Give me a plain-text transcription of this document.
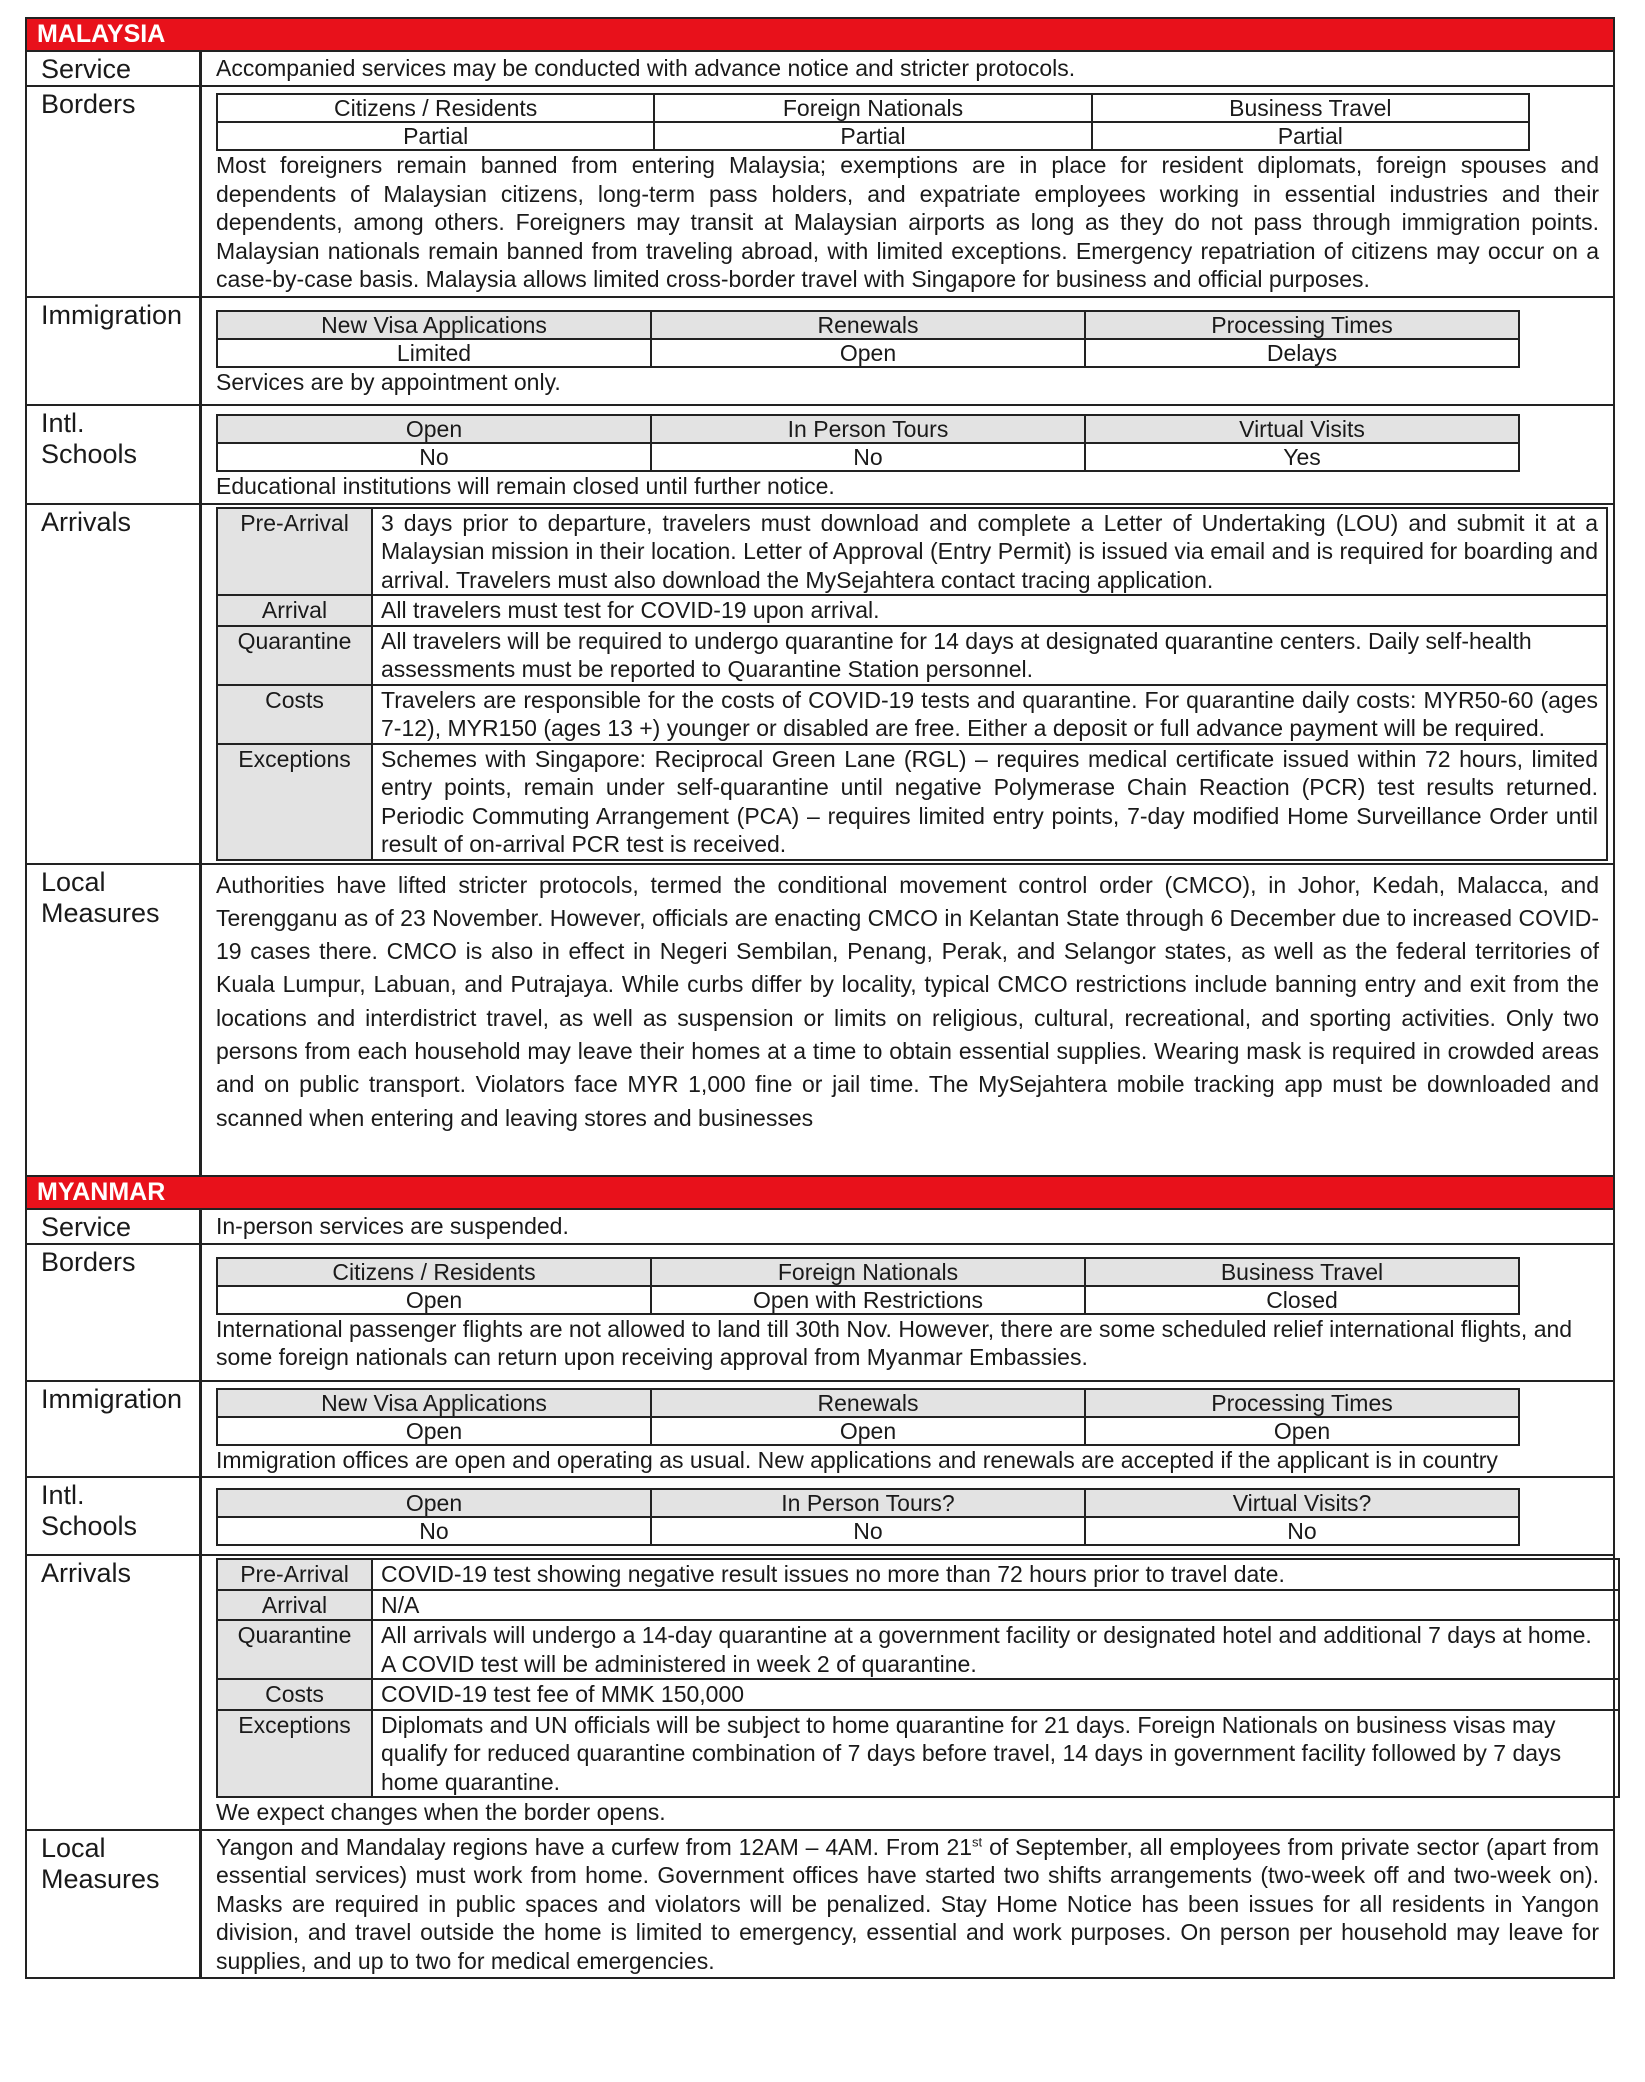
MALAYSIA
Service	Accompanied services may be conducted with advance notice and stricter protocols.
Borders	Citizens / Residents	Foreign Nationals	Business Travel
Partial	Partial	Partial
Most foreigners remain banned from entering Malaysia; exemptions are in place for resident diplomats, foreign spouses and dependents of Malaysian citizens, long-term pass holders, and expatriate employees working in essential industries and their dependents, among others. Foreigners may transit at Malaysian airports as long as they do not pass through immigration points. Malaysian nationals remain banned from traveling abroad, with limited exceptions. Emergency repatriation of citizens may occur on a case-by-case basis. Malaysia allows limited cross-border travel with Singapore for business and official purposes.
Immigration	New Visa Applications	Renewals	Processing Times
Limited	Open	Delays
Services are by appointment only.
Intl.
Schools
Open	In Person Tours	Virtual Visits
No	No	Yes
Educational institutions will remain closed until further notice.
Arrivals	Pre-Arrival	3 days prior to departure, travelers must download and complete a Letter of Undertaking (LOU) and submit it at a Malaysian mission in their location. Letter of Approval (Entry Permit) is issued via email and is required for boarding and arrival. Travelers must also download the MySejahtera contact tracing application.
Arrival	All travelers must test for COVID-19 upon arrival.
Quarantine	All travelers will be required to undergo quarantine for 14 days at designated quarantine centers. Daily self-health assessments must be reported to Quarantine Station personnel.
Costs	Travelers are responsible for the costs of COVID-19 tests and quarantine. For quarantine daily costs: MYR50-60 (ages 7-12), MYR150 (ages 13 +) younger or disabled are free. Either a deposit or full advance payment will be required.
Exceptions	Schemes with Singapore: Reciprocal Green Lane (RGL) – requires medical certificate issued within 72 hours, limited entry points, remain under self-quarantine until negative Polymerase Chain Reaction (PCR) test results returned. Periodic Commuting Arrangement (PCA) – requires limited entry points, 7-day modified Home Surveillance Order until result of on-arrival PCR test is received.
Local
Measures
Authorities have lifted stricter protocols, termed the conditional movement control order (CMCO), in Johor, Kedah, Malacca, and Terengganu as of 23 November. However, officials are enacting CMCO in Kelantan State through 6 December due to increased COVID-19 cases there. CMCO is also in effect in Negeri Sembilan, Penang, Perak, and Selangor states, as well as the federal territories of Kuala Lumpur, Labuan, and Putrajaya. While curbs differ by locality, typical CMCO restrictions include banning entry and exit from the locations and interdistrict travel, as well as suspension or limits on religious, cultural, recreational, and sporting activities. Only two persons from each household may leave their homes at a time to obtain essential supplies. Wearing mask is required in crowded areas and on public transport. Violators face MYR 1,000 fine or jail time. The MySejahtera mobile tracking app must be downloaded and scanned when entering and leaving stores and businesses
MYANMAR
Service	In-person services are suspended.
Borders	Citizens / Residents	Foreign Nationals	Business Travel
Open	Open with Restrictions	Closed
International passenger flights are not allowed to land till 30th Nov. However, there are some scheduled relief international flights, and some foreign nationals can return upon receiving approval from Myanmar Embassies.
Immigration	New Visa Applications	Renewals	Processing Times
Open	Open	Open
Immigration offices are open and operating as usual. New applications and renewals are accepted if the applicant is in country
Intl.
Schools
Open	In Person Tours?	Virtual Visits?
No	No	No
Arrivals	Pre-Arrival	COVID-19 test showing negative result issues no more than 72 hours prior to travel date.
Arrival	N/A
Quarantine	All arrivals will undergo a 14-day quarantine at a government facility or designated hotel and additional 7 days at home. A COVID test will be administered in week 2 of quarantine.
Costs	COVID-19 test fee of MMK 150,000
Exceptions	Diplomats and UN officials will be subject to home quarantine for 21 days. Foreign Nationals on business visas may qualify for reduced quarantine combination of 7 days before travel, 14 days in government facility followed by 7 days home quarantine.
We expect changes when the border opens.
Local
Measures
Yangon and Mandalay regions have a curfew from 12AM – 4AM. From 21st of September, all employees from private sector (apart from essential services) must work from home. Government offices have started two shifts arrangements (two-week off and two-week on). Masks are required in public spaces and violators will be penalized. Stay Home Notice has been issues for all residents in Yangon division, and travel outside the home is limited to emergency, essential and work purposes. On person per household may leave for supplies, and up to two for medical emergencies.
